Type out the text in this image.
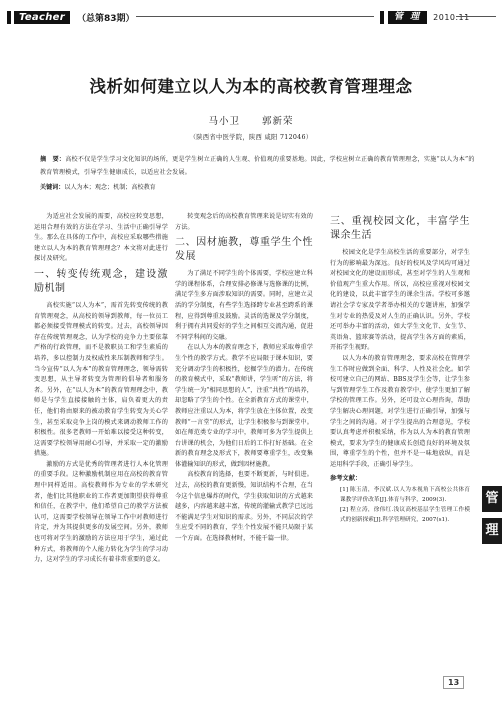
Teacher	（总第83期）	管 理	2010.11
浅析如何建立以人为本的高校教育管理理念
马小卫 郭新荣
（陕西省中医学院，陕西 咸阳 712046）
摘　要：高校不仅是学生学习文化知识的场所，更是学生树立正确的人生观、价值观的重要基地。因此，学校应树立正确的教育管理理念，实施“以人为本”的教育管理模式，引导学生健康成长，以适应社会发展。
关键词：以人为本；观念；机制；高校教育

为适应社会发展的需要，高校应转变思想，运用合理有效的方法在学习、生活中正确引导学生。那么在具体的工作中，高校应采取哪些措施建立以人为本的教育管理理念？本文将对此进行探讨及研究。

一、转变传统观念，建设激励机制

高校实施“以人为本”，需首先转变传统的教育管理观念，从高校的领导到教师，每一位员工都必须接受管理模式的转变。过去，高校领导因存在传统管理观念，认为学校的竞争力主要依靠严格的行政管理，而不是教职员工和学生素质的培养，多以控制力及权威性来压制教师和学生。当今宣传“以人为本”的教育管理理念，领导需转变思想，从主导者转变为管理的倡导者和服务者。另外，在“以人为本”的教育管理理念中，教师是与学生直接接触的主体，肩负着更大的责任，他们将由原来的被动教育学生转变为关心学生，甚至采取竞争上岗的模式来调动教师工作的积极性。很多老教师一开始难以接受这种转变，这需要学校领导用耐心引导，并采取一定的激励措施。

激励的方式是优秀的管理者进行人本化管理的重要手段。这种激励机制应用在高校的教育管理中同样适用。高校教师作为专业的学术研究者，他们比其他职业的工作者更加期望获得尊重和信任，在教学中，他们希望自己的教学方法被认可，这需要学校领导在领导工作中对教师进行肯定，并为其提供更多的发展空间。另外，教师也可将对学生的激励的方法应用于学生，通过此种方式，将教师的个人能力转化为学生的学习动力，这对学生的学习成长有着非常重要的意义。

转变观念后的高校教育管理来说是切实有效的方法。

二、因材施教，尊重学生个性发展

为了满足不同学生的个体需要，学校应建立科学的课程体系，合理安排必修课与选修课的比例，满足学生多方面涉取知识的需要。同时，应建立灵活的学分制度，有些学生选择跨专业甚至跨系的课程，应得到尊重及鼓励。灵活的选课及学分制度，利于拥有共同爱好的学生之间相互交流沟通，促进不同学科间的交融。

在以人为本的教育理念下，教师应采取尊重学生个性的教学方式。教学不应局限于课本知识，要充分调动学生的积极性，挖掘学生的潜力。在传统的教育模式中，采取“教师讲，学生听”的方法，将学生统一为“相同思想的人”，注重“共性”的培养，却忽略了学生的个性。在全新教育方式的课堂中，教师应注重以人为本，将学生放在主体位置，改变教师“一言堂”的形式，让学生积极参与到课堂中。如在师范类专业的学习中，教师可多为学生提供上台讲课的机会，为他们日后的工作打好基础。在全新的教育理念及形式下，教师要尊重学生，改变集体灌输知识的形式，做到因材施教。

高校教育的选择，也要不断更新，与时俱进。过去，高校的教育更新慢，知识结构不合理，在当今这个信息爆炸的时代，学生获取知识的方式越来越多，内容越来越丰富，传统的灌输式教学已远远不能满足学生对知识的需求。另外，不同层次的学生应受不同的教育，学生个性发展不能只局限于某一个方面。在选择教材时，不能千篇一律。

三、重视校园文化，丰富学生课余生活

校园文化是学生高校生活的重要部分，对学生行为的影响最为深远。良好的校风及学风均可通过对校园文化的建设而形成，甚至对学生的人生观和价值观产生重大作用。所以，高校应重视对校园文化的建设，以此丰富学生的课余生活。学校可多邀请社会学专家及学者举办相关的专题讲座，加强学生对专业的热爱及对人生的正确认识。另外，学校还可举办丰富的活动，如大学生文化节、女生节、英语角、篮球赛等活动，提高学生各方面的素质，开拓学生视野。

以人为本的教育管理理念，要求高校在管理学生工作时应做到全面、科学、人性及社会化。如学校可建立自己的网站、BBS及学生会等，让学生参与到管理学生工作及教育教学中，使学生更加了解学校的管理工作。另外，还可设立心理咨询，帮助学生解决心理问题，对学生进行正确引导，加强与学生之间的沟通。对于学生提出的合理意见，学校要认真考虑并积极采纳，作为以人为本的教育管理模式，要求为学生的健康成长创造良好的环境及氛围，尊重学生的个性，但并不是一味地放纵，而是运用科学手段，正确引导学生。

参考文献：

[1] 陈玉清，李汉斌.以人为本视角下高校公共体育课教学评价改革[J].体育与科学，2009(3).

[2] 程立涛，徐伟红.浅议高校基层学生管理工作模式的创新探索[J].科学管理研究，2007(s1).

管
理
13
